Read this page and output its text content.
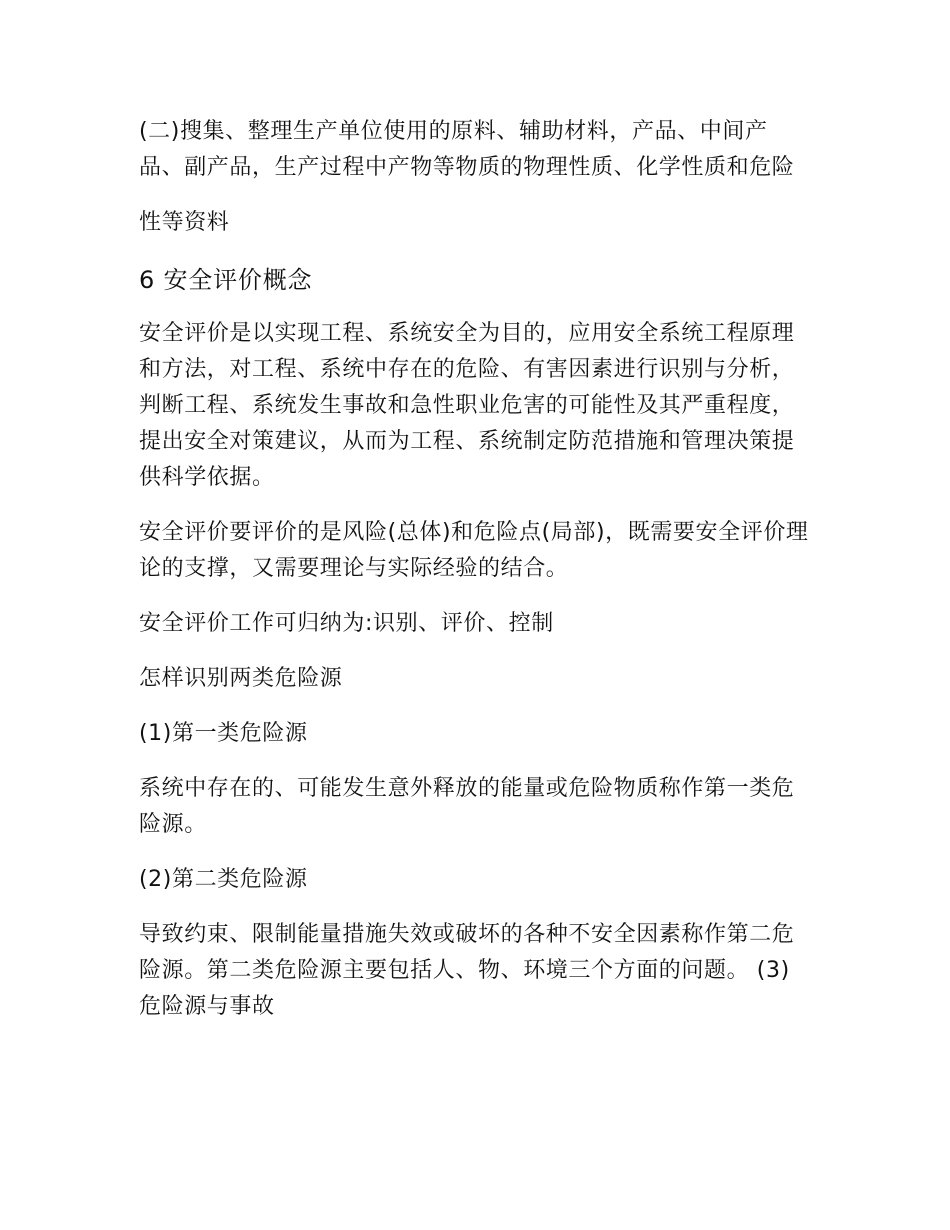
(二)搜集、整理生产单位使用的原料、辅助材料，产品、中间产品、副产品，生产过程中产物等物质的物理性质、化学性质和危险

性等资料

6 安全评价概念

安全评价是以实现工程、系统安全为目的，应用安全系统工程原理和方法，对工程、系统中存在的危险、有害因素进行识别与分析，判断工程、系统发生事故和急性职业危害的可能性及其严重程度，提出安全对策建议，从而为工程、系统制定防范措施和管理决策提供科学依据。

安全评价要评价的是风险(总体)和危险点(局部)，既需要安全评价理论的支撑，又需要理论与实际经验的结合。

安全评价工作可归纳为:识别、评价、控制

怎样识别两类危险源

(1)第一类危险源

系统中存在的、可能发生意外释放的能量或危险物质称作第一类危险源。

(2)第二类危险源

导致约束、限制能量措施失效或破坏的各种不安全因素称作第二危险源。第二类危险源主要包括人、物、环境三个方面的问题。 (3)危险源与事故
